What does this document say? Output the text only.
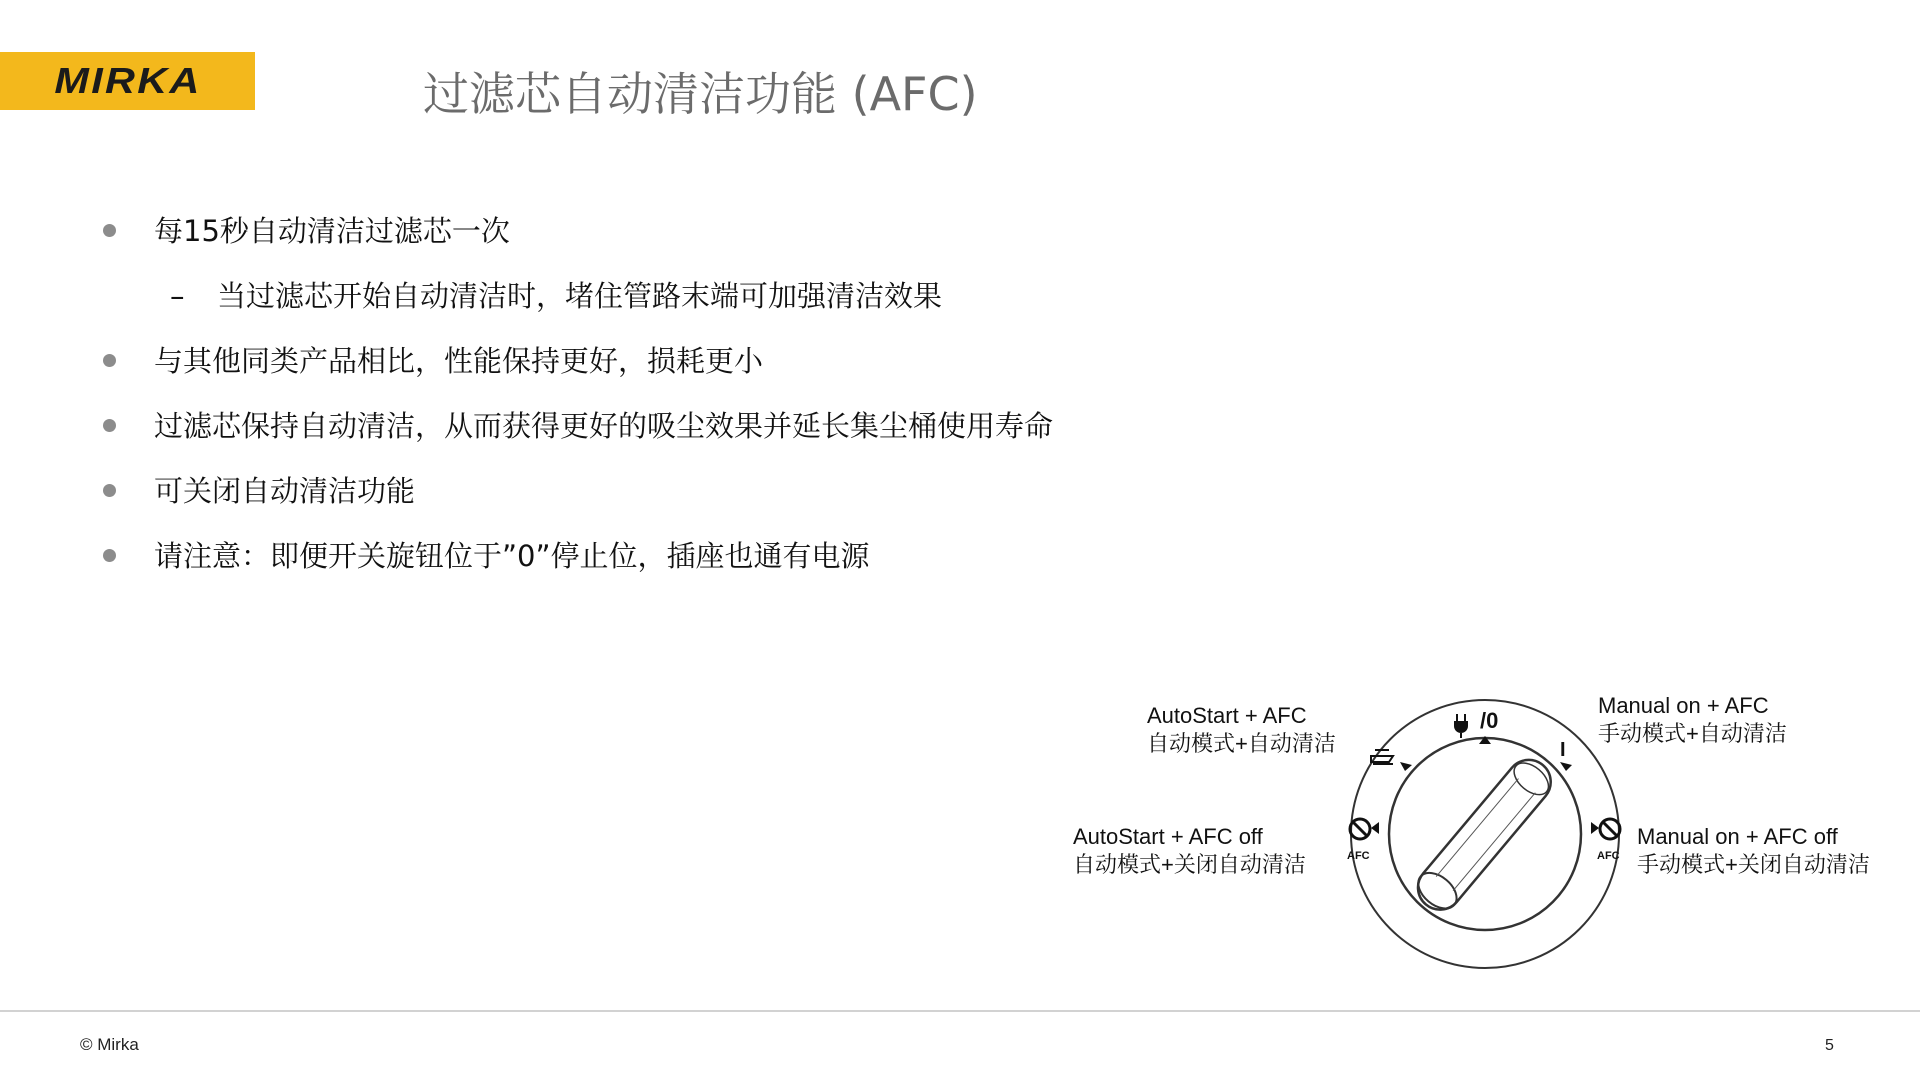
MIRKA	过滤芯自动清洁功能 (AFC)
每15秒自动清洁过滤芯一次
– 当过滤芯开始自动清洁时，堵住管路末端可加强清洁效果
与其他同类产品相比，性能保持更好，损耗更小
过滤芯保持自动清洁，从而获得更好的吸尘效果并延长集尘桶使用寿命
可关闭自动清洁功能
请注意：即便开关旋钮位于”0”停止位，插座也通有电源
AutoStart + AFC
自动模式+自动清洁
Manual on + AFC
手动模式+自动清洁
AutoStart + AFC off
自动模式+关闭自动清洁
Manual on + AFC off
手动模式+关闭自动清洁
/0
I
AFC	AFC
© Mirka	5
